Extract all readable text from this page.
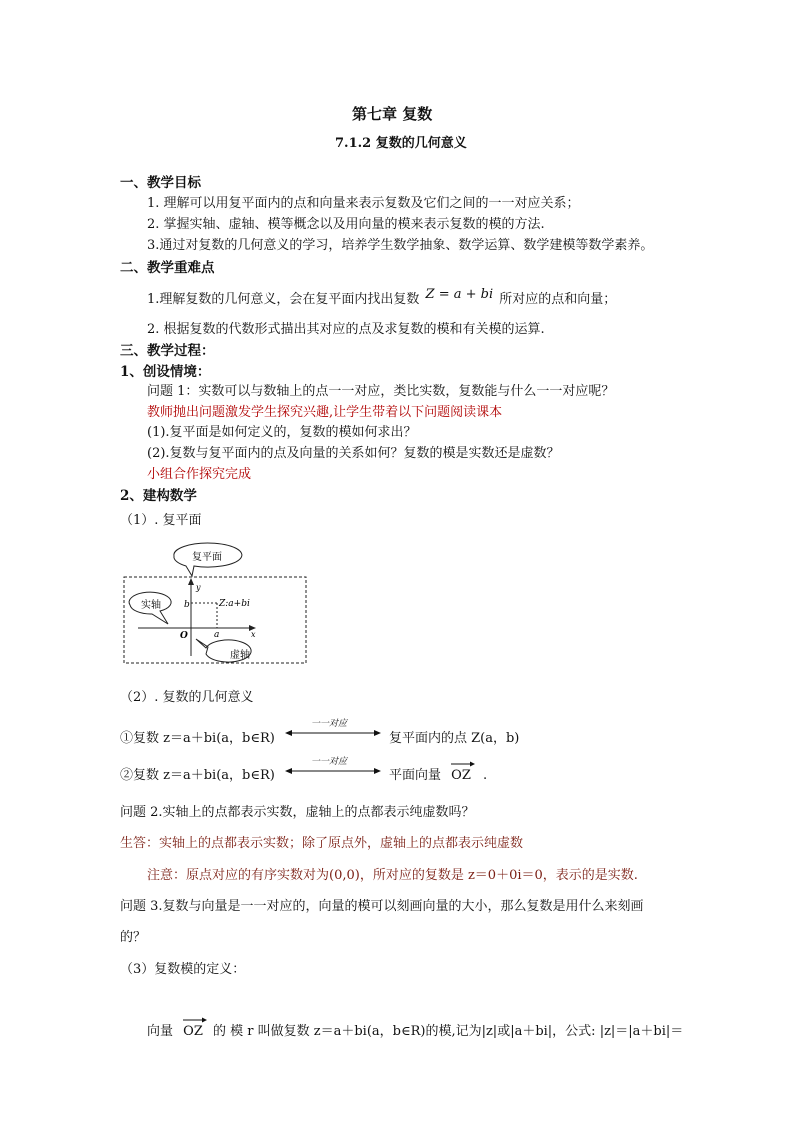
第七章 复数
7.1.2 复数的几何意义
一、教学目标
1. 理解可以用复平面内的点和向量来表示复数及它们之间的一一对应关系；
2. 掌握实轴、虚轴、模等概念以及用向量的模来表示复数的模的方法.
3.通过对复数的几何意义的学习，培养学生数学抽象、数学运算、数学建模等数学素养。
二、教学重难点
1.理解复数的几何意义，会在复平面内找出复数 Z = a + bi 所对应的点和向量；
2. 根据复数的代数形式描出其对应的点及求复数的模和有关模的运算.
三、教学过程：
1、创设情境：
问题 1：实数可以与数轴上的点一一对应，类比实数，复数能与什么一一对应呢？
教师抛出问题激发学生探究兴趣,让学生带着以下问题阅读课本
(1).复平面是如何定义的，复数的模如何求出？
(2).复数与复平面内的点及向量的关系如何？复数的模是实数还是虚数？
小组合作探究完成
2、建构数学
（1）. 复平面
y
x
b
a
O
Z:a+bi
复平面
实轴
虚轴
（2）. 复数的几何意义
①复数 z＝a＋bi(a，b∈R)
一一对应
复平面内的点 Z(a，b)
②复数 z＝a＋bi(a，b∈R)
一一对应
平面向量 OZ .
问题 2.实轴上的点都表示实数，虚轴上的点都表示纯虚数吗？
生答：实轴上的点都表示实数；除了原点外，虚轴上的点都表示纯虚数
注意：原点对应的有序实数对为(0,0)，所对应的复数是 z＝0＋0i＝0，表示的是实数.
问题 3.复数与向量是一一对应的，向量的模可以刻画向量的大小，那么复数是用什么来刻画
的？
（3）复数模的定义：
向量 OZ 的 模 r 叫做复数 z＝a＋bi(a，b∈R)的模,记为|z|或|a＋bi|，公式: |z|＝|a＋bi|＝
